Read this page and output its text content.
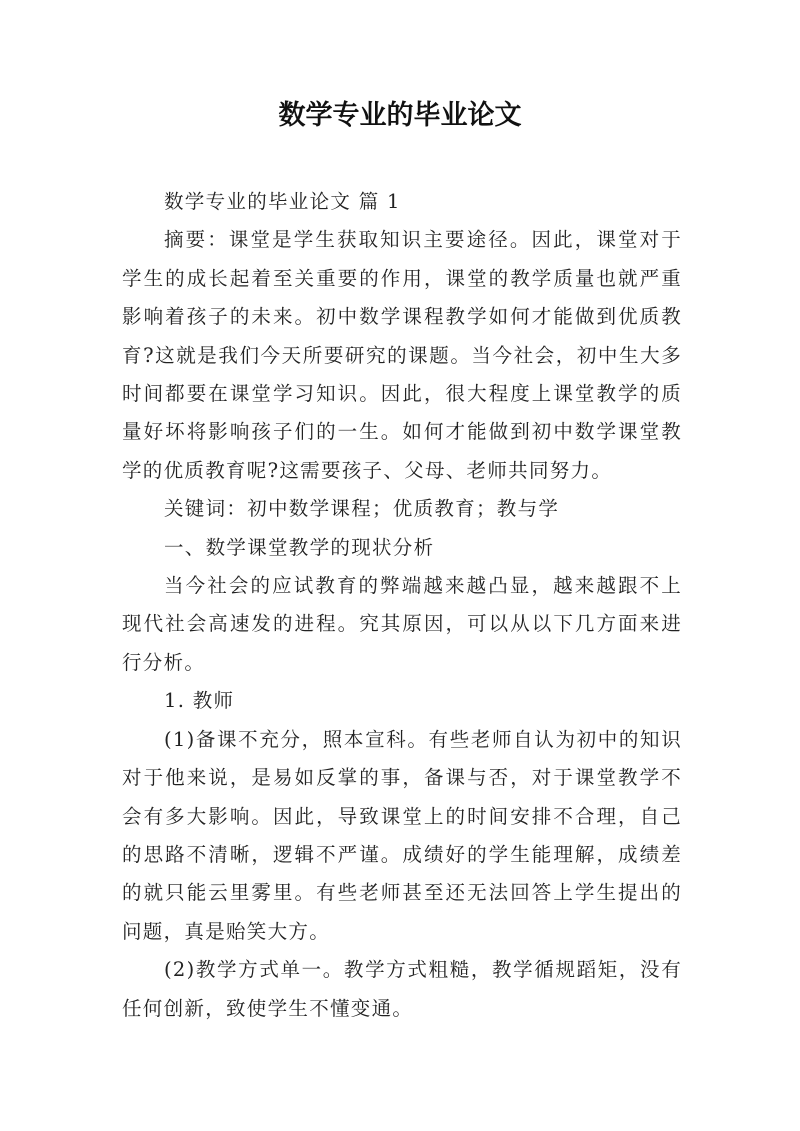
数学专业的毕业论文

数学专业的毕业论文 篇 1

摘要：课堂是学生获取知识主要途径。因此，课堂对于学生的成长起着至关重要的作用，课堂的教学质量也就严重影响着孩子的未来。初中数学课程教学如何才能做到优质教育?这就是我们今天所要研究的课题。当今社会，初中生大多时间都要在课堂学习知识。因此，很大程度上课堂教学的质量好坏将影响孩子们的一生。如何才能做到初中数学课堂教学的优质教育呢?这需要孩子、父母、老师共同努力。

关键词：初中数学课程；优质教育；教与学

一、数学课堂教学的现状分析

当今社会的应试教育的弊端越来越凸显，越来越跟不上现代社会高速发的进程。究其原因，可以从以下几方面来进行分析。

1. 教师

(1)备课不充分，照本宣科。有些老师自认为初中的知识对于他来说，是易如反掌的事，备课与否，对于课堂教学不会有多大影响。因此，导致课堂上的时间安排不合理，自己的思路不清晰，逻辑不严谨。成绩好的学生能理解，成绩差的就只能云里雾里。有些老师甚至还无法回答上学生提出的问题，真是贻笑大方。

(2)教学方式单一。教学方式粗糙，教学循规蹈矩，没有任何创新，致使学生不懂变通。
